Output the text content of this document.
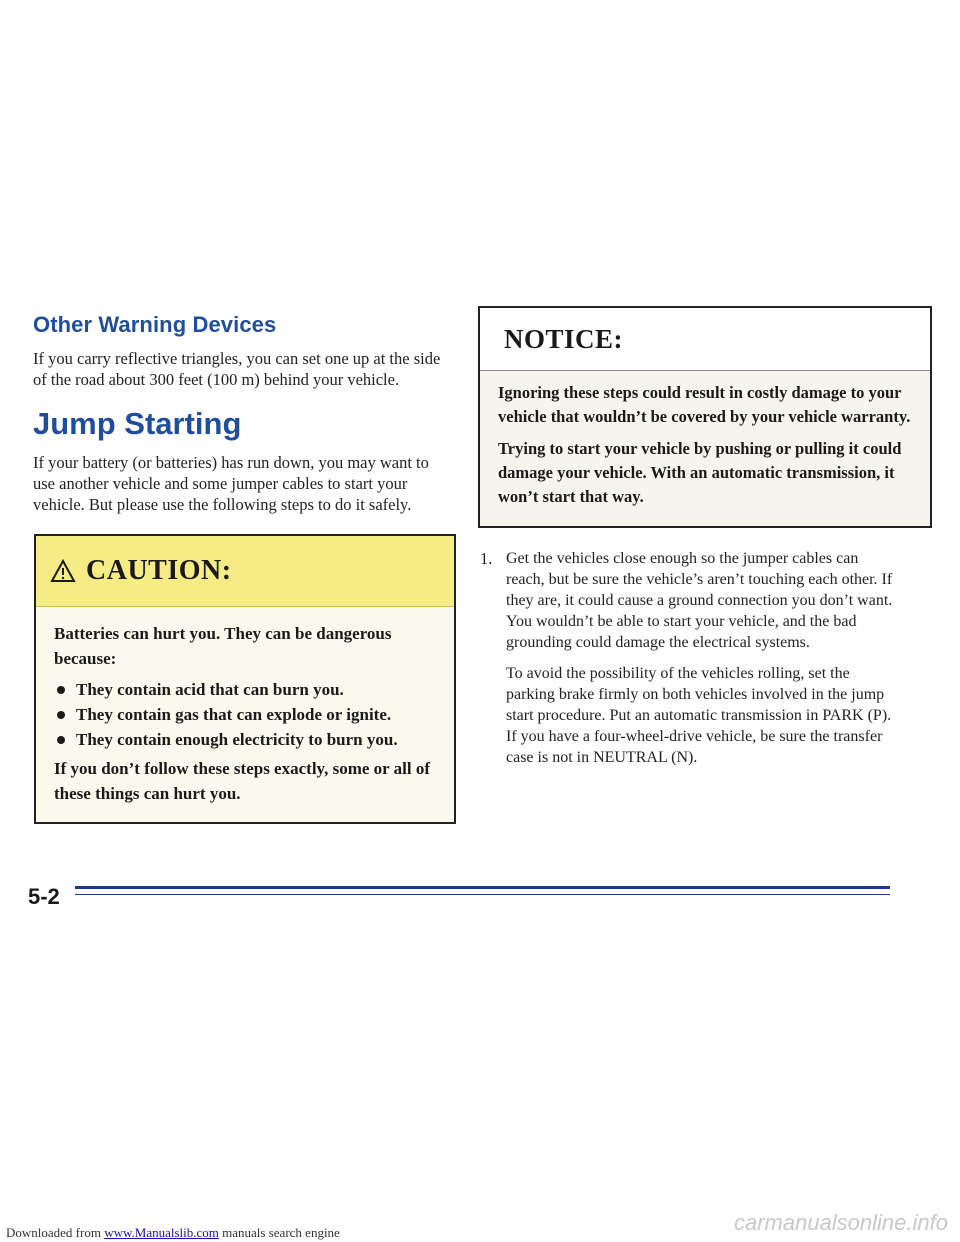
Other Warning Devices

If you carry reflective triangles, you can set one up at the side of the road about 300 feet (100 m) behind your vehicle.

Jump Starting

If your battery (or batteries) has run down, you may want to use another vehicle and some jumper cables to start your vehicle. But please use the following steps to do it safely.

CAUTION:

Batteries can hurt you. They can be dangerous because:

They contain acid that can burn you.
They contain gas that can explode or ignite.
They contain enough electricity to burn you.

If you don’t follow these steps exactly, some or all of these things can hurt you.

NOTICE:

Ignoring these steps could result in costly damage to your vehicle that wouldn’t be covered by your vehicle warranty.

Trying to start your vehicle by pushing or pulling it could damage your vehicle. With an automatic transmission, it won’t start that way.

1. Get the vehicles close enough so the jumper cables can reach, but be sure the vehicle’s aren’t touching each other. If they are, it could cause a ground connection you don’t want. You wouldn’t be able to start your vehicle, and the bad grounding could damage the electrical systems.

To avoid the possibility of the vehicles rolling, set the parking brake firmly on both vehicles involved in the jump start procedure. Put an automatic transmission in PARK (P). If you have a four-wheel-drive vehicle, be sure the transfer case is not in NEUTRAL (N).

5-2
carmanualsonline.info
Downloaded from www.Manualslib.com manuals search engine
